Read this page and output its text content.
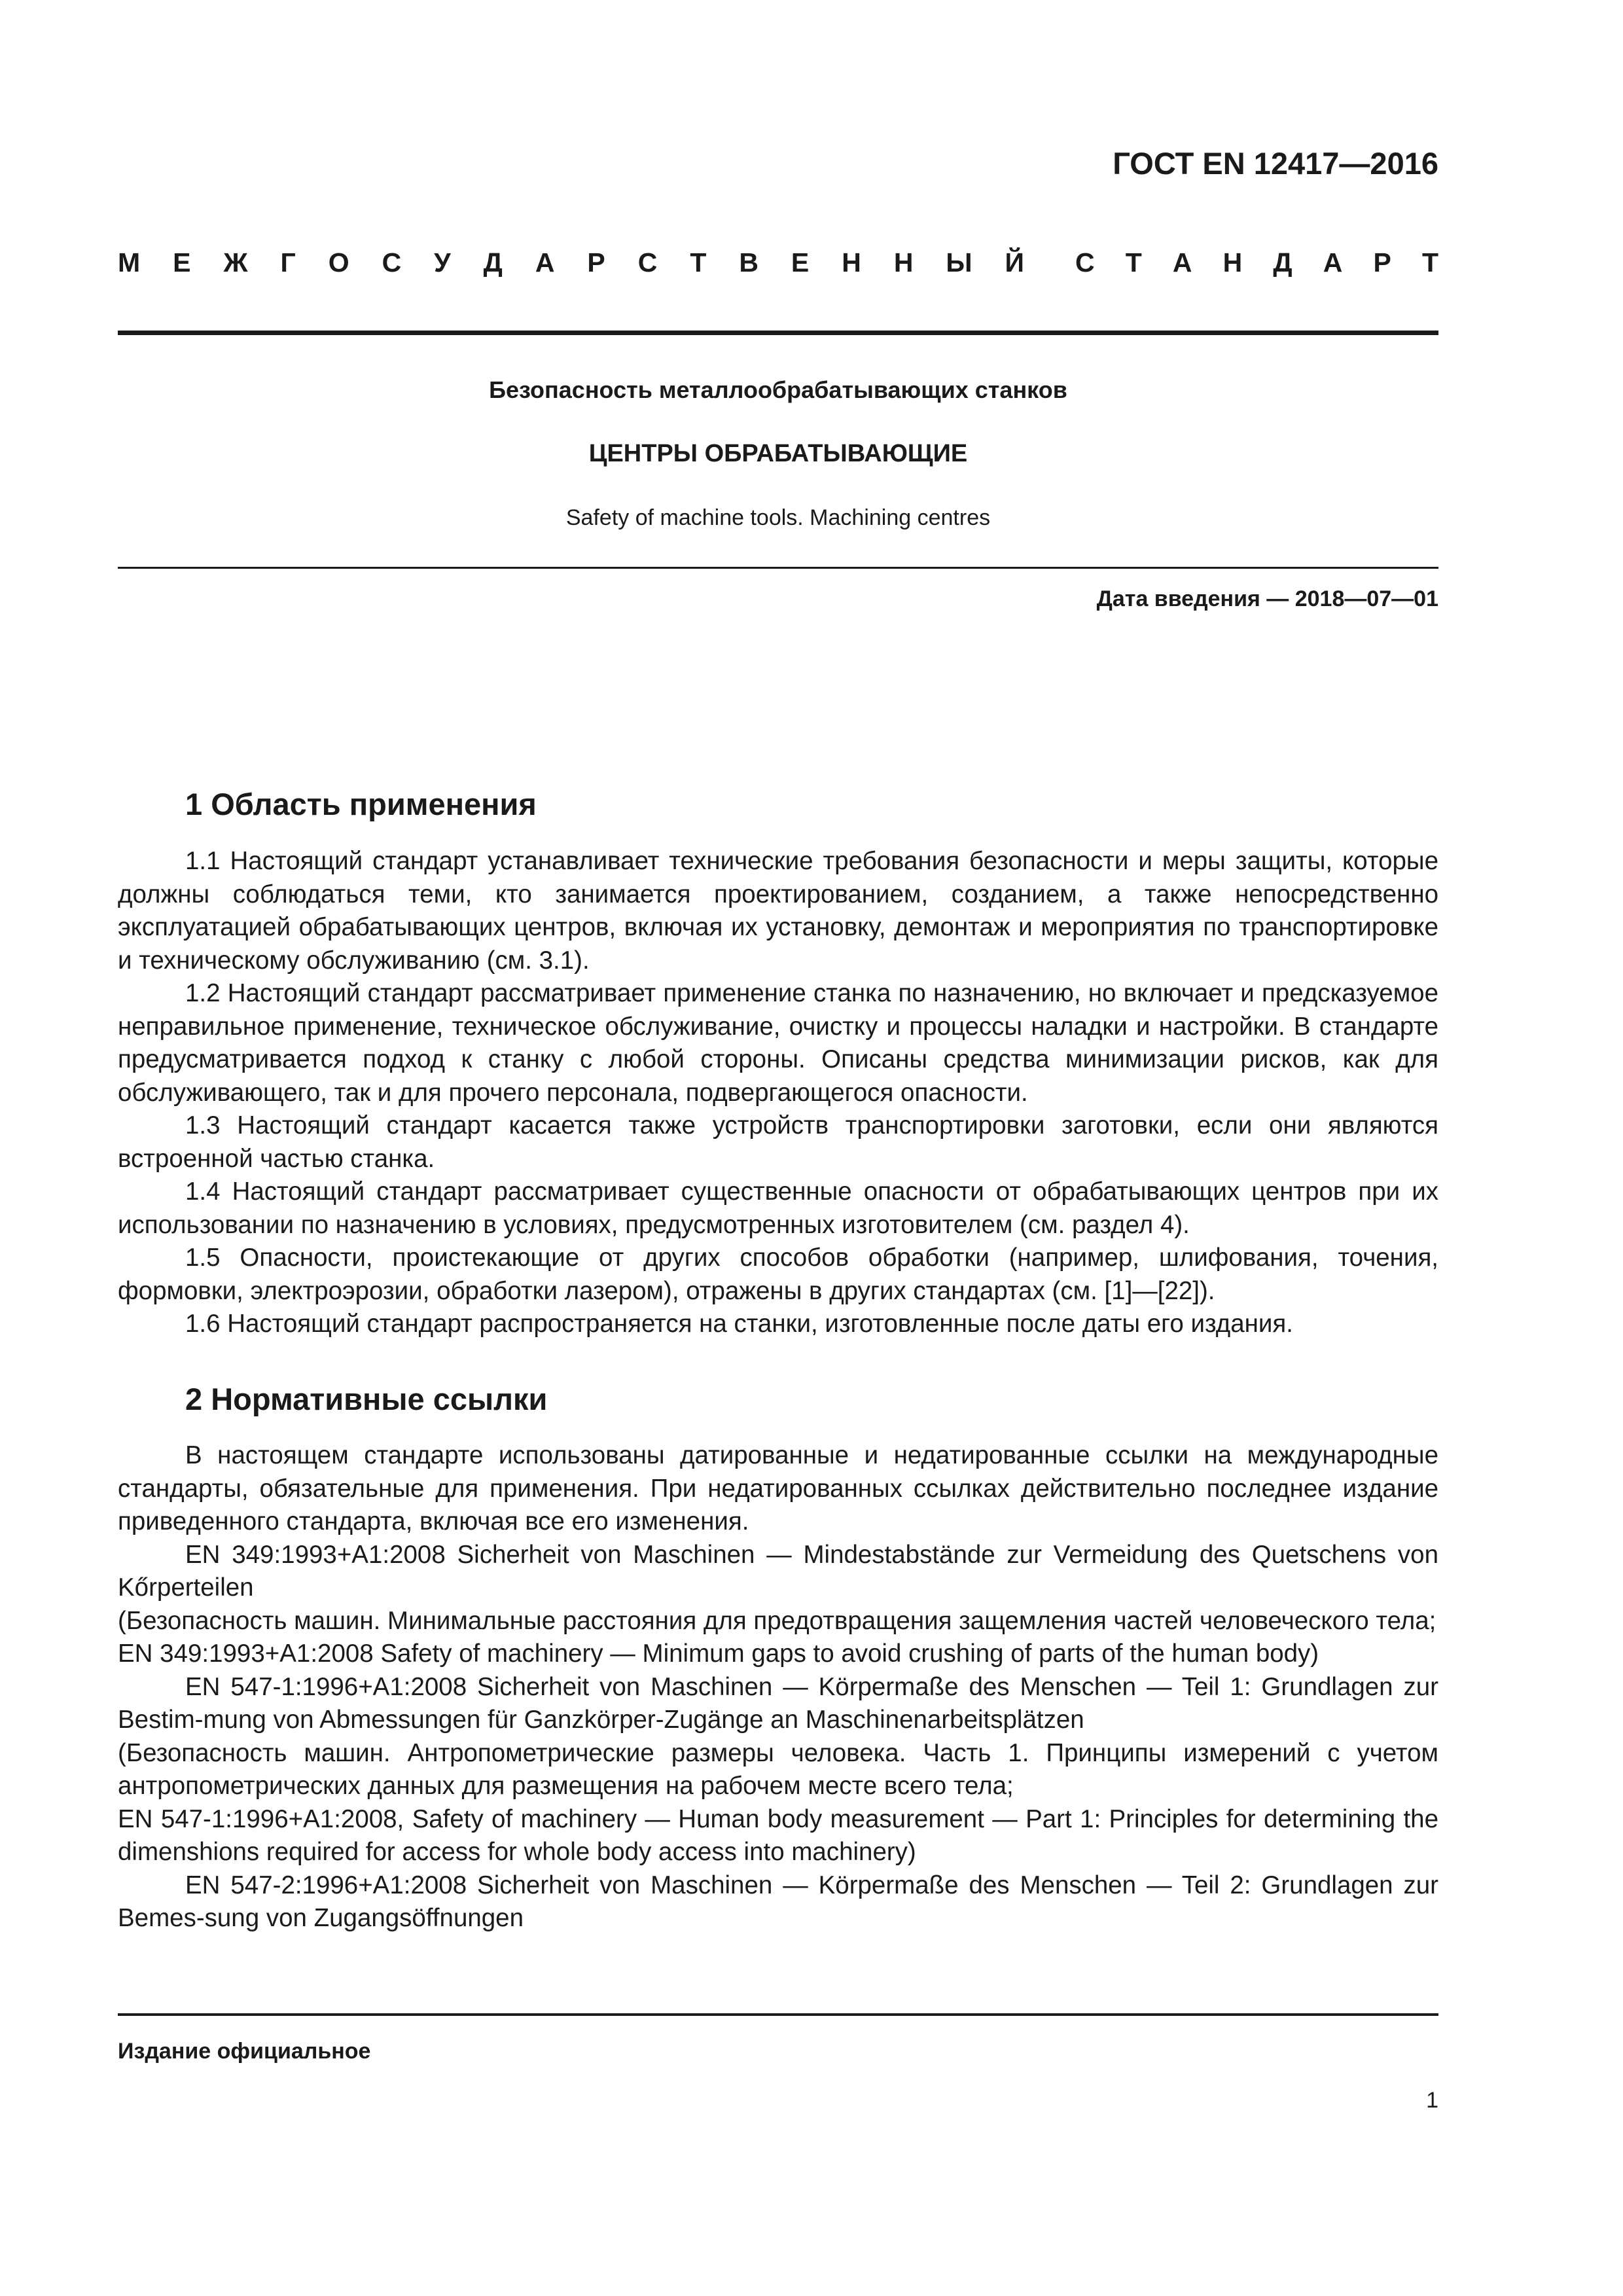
ГОСТ EN 12417—2016
М Е Ж Г О С У Д А Р С Т В Е Н Н Ы Й С Т А Н Д А Р Т
Безопасность металлообрабатывающих станков
ЦЕНТРЫ ОБРАБАТЫВАЮЩИЕ
Safety of machine tools. Machining centres
Дата введения — 2018—07—01
1 Область применения

1.1 Настоящий стандарт устанавливает технические требования безопасности и меры защиты, которые должны соблюдаться теми, кто занимается проектированием, созданием, а также непосредственно эксплуатацией обрабатывающих центров, включая их установку, демонтаж и мероприятия по транспортировке и техническому обслуживанию (см. 3.1).

1.2 Настоящий стандарт рассматривает применение станка по назначению, но включает и предсказуемое неправильное применение, техническое обслуживание, очистку и процессы наладки и настройки. В стандарте предусматривается подход к станку с любой стороны. Описаны средства минимизации рисков, как для обслуживающего, так и для прочего персонала, подвергающегося опасности.

1.3 Настоящий стандарт касается также устройств транспортировки заготовки, если они являются встроенной частью станка.

1.4 Настоящий стандарт рассматривает существенные опасности от обрабатывающих центров при их использовании по назначению в условиях, предусмотренных изготовителем (см. раздел 4).

1.5 Опасности, проистекающие от других способов обработки (например, шлифования, точения, формовки, электроэрозии, обработки лазером), отражены в других стандартах (см. [1]—[22]).

1.6 Настоящий стандарт распространяется на станки, изготовленные после даты его издания.

2 Нормативные ссылки

В настоящем стандарте использованы датированные и недатированные ссылки на международные стандарты, обязательные для применения. При недатированных ссылках действительно последнее издание приведенного стандарта, включая все его изменения.

EN 349:1993+A1:2008 Sicherheit von Maschinen — Mindestabstände zur Vermeidung des Quetschens von Kőrperteilen

(Безопасность машин. Минимальные расстояния для предотвращения защемления частей человеческого тела;

EN 349:1993+A1:2008 Safety of machinery — Minimum gaps to avoid crushing of parts of the human body)

EN 547-1:1996+A1:2008 Sicherheit von Maschinen — Körpermaße des Menschen — Teil 1: Grundlagen zur Bestim-mung von Abmessungen für Ganzkörper-Zugänge an Maschinenarbeitsplätzen

(Безопасность машин. Антропометрические размеры человека. Часть 1. Принципы измерений с учетом антропометрических данных для размещения на рабочем месте всего тела;

EN 547-1:1996+A1:2008, Safety of machinery — Human body measurement — Part 1: Principles for determining the dimenshions required for access for whole body access into machinery)

EN 547-2:1996+A1:2008 Sicherheit von Maschinen — Körpermaße des Menschen — Teil 2: Grundlagen zur Bemes-sung von Zugangsöffnungen

Издание официальное
1
